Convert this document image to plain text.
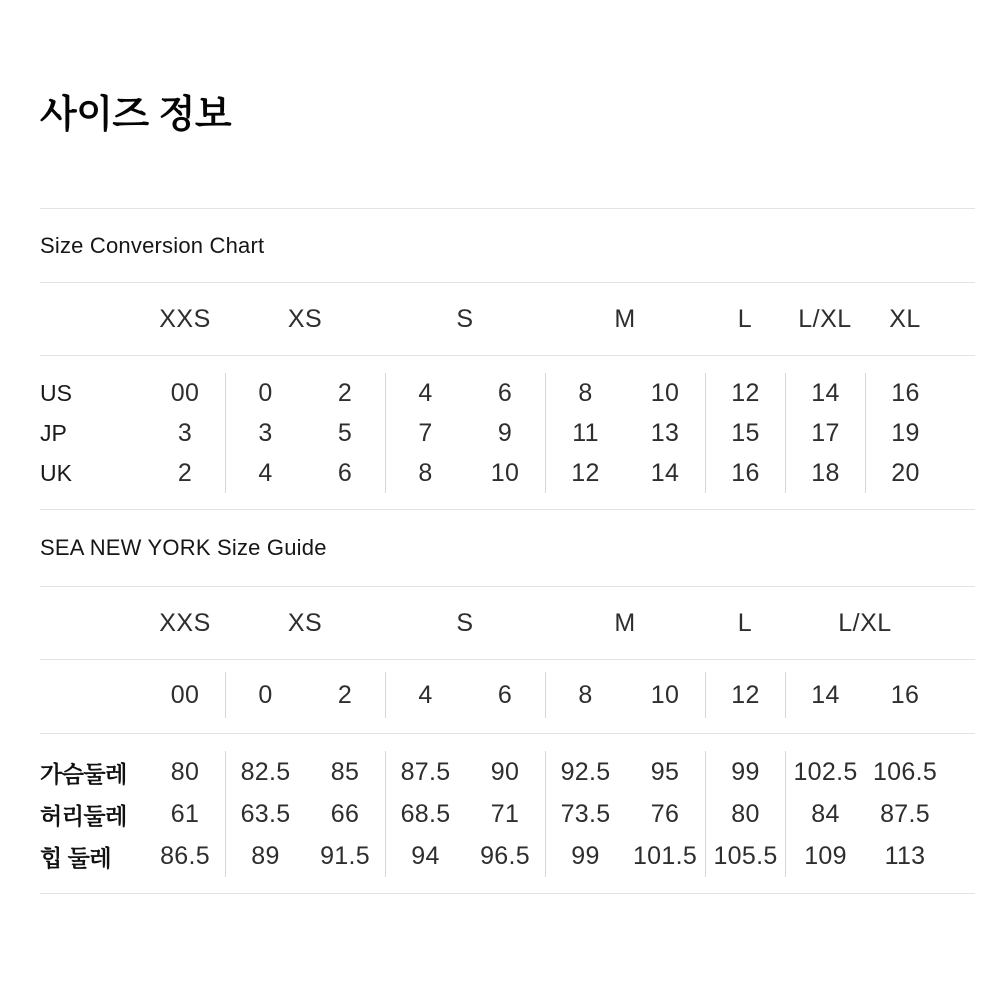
사이즈 정보
Size Conversion Chart
XXS	XS	S	M	L	L/XL	XL
US	00	0	2	4	6	8	10	12	14	16
JP	3	3	5	7	9	11	13	15	17	19
UK	2	4	6	8	10	12	14	16	18	20
SEA NEW YORK Size Guide
XXS	XS	S	M	L	L/XL
00	0	2	4	6	8	10	12	14	16
가슴둘레	80	82.5	85	87.5	90	92.5	95	99	102.5 106.5
허리둘레	61	63.5	66	68.5	71	73.5	76	80	84	87.5
힙 둘레	86.5	89	91.5	94	96.5	99	101.5 105.5	109	113
